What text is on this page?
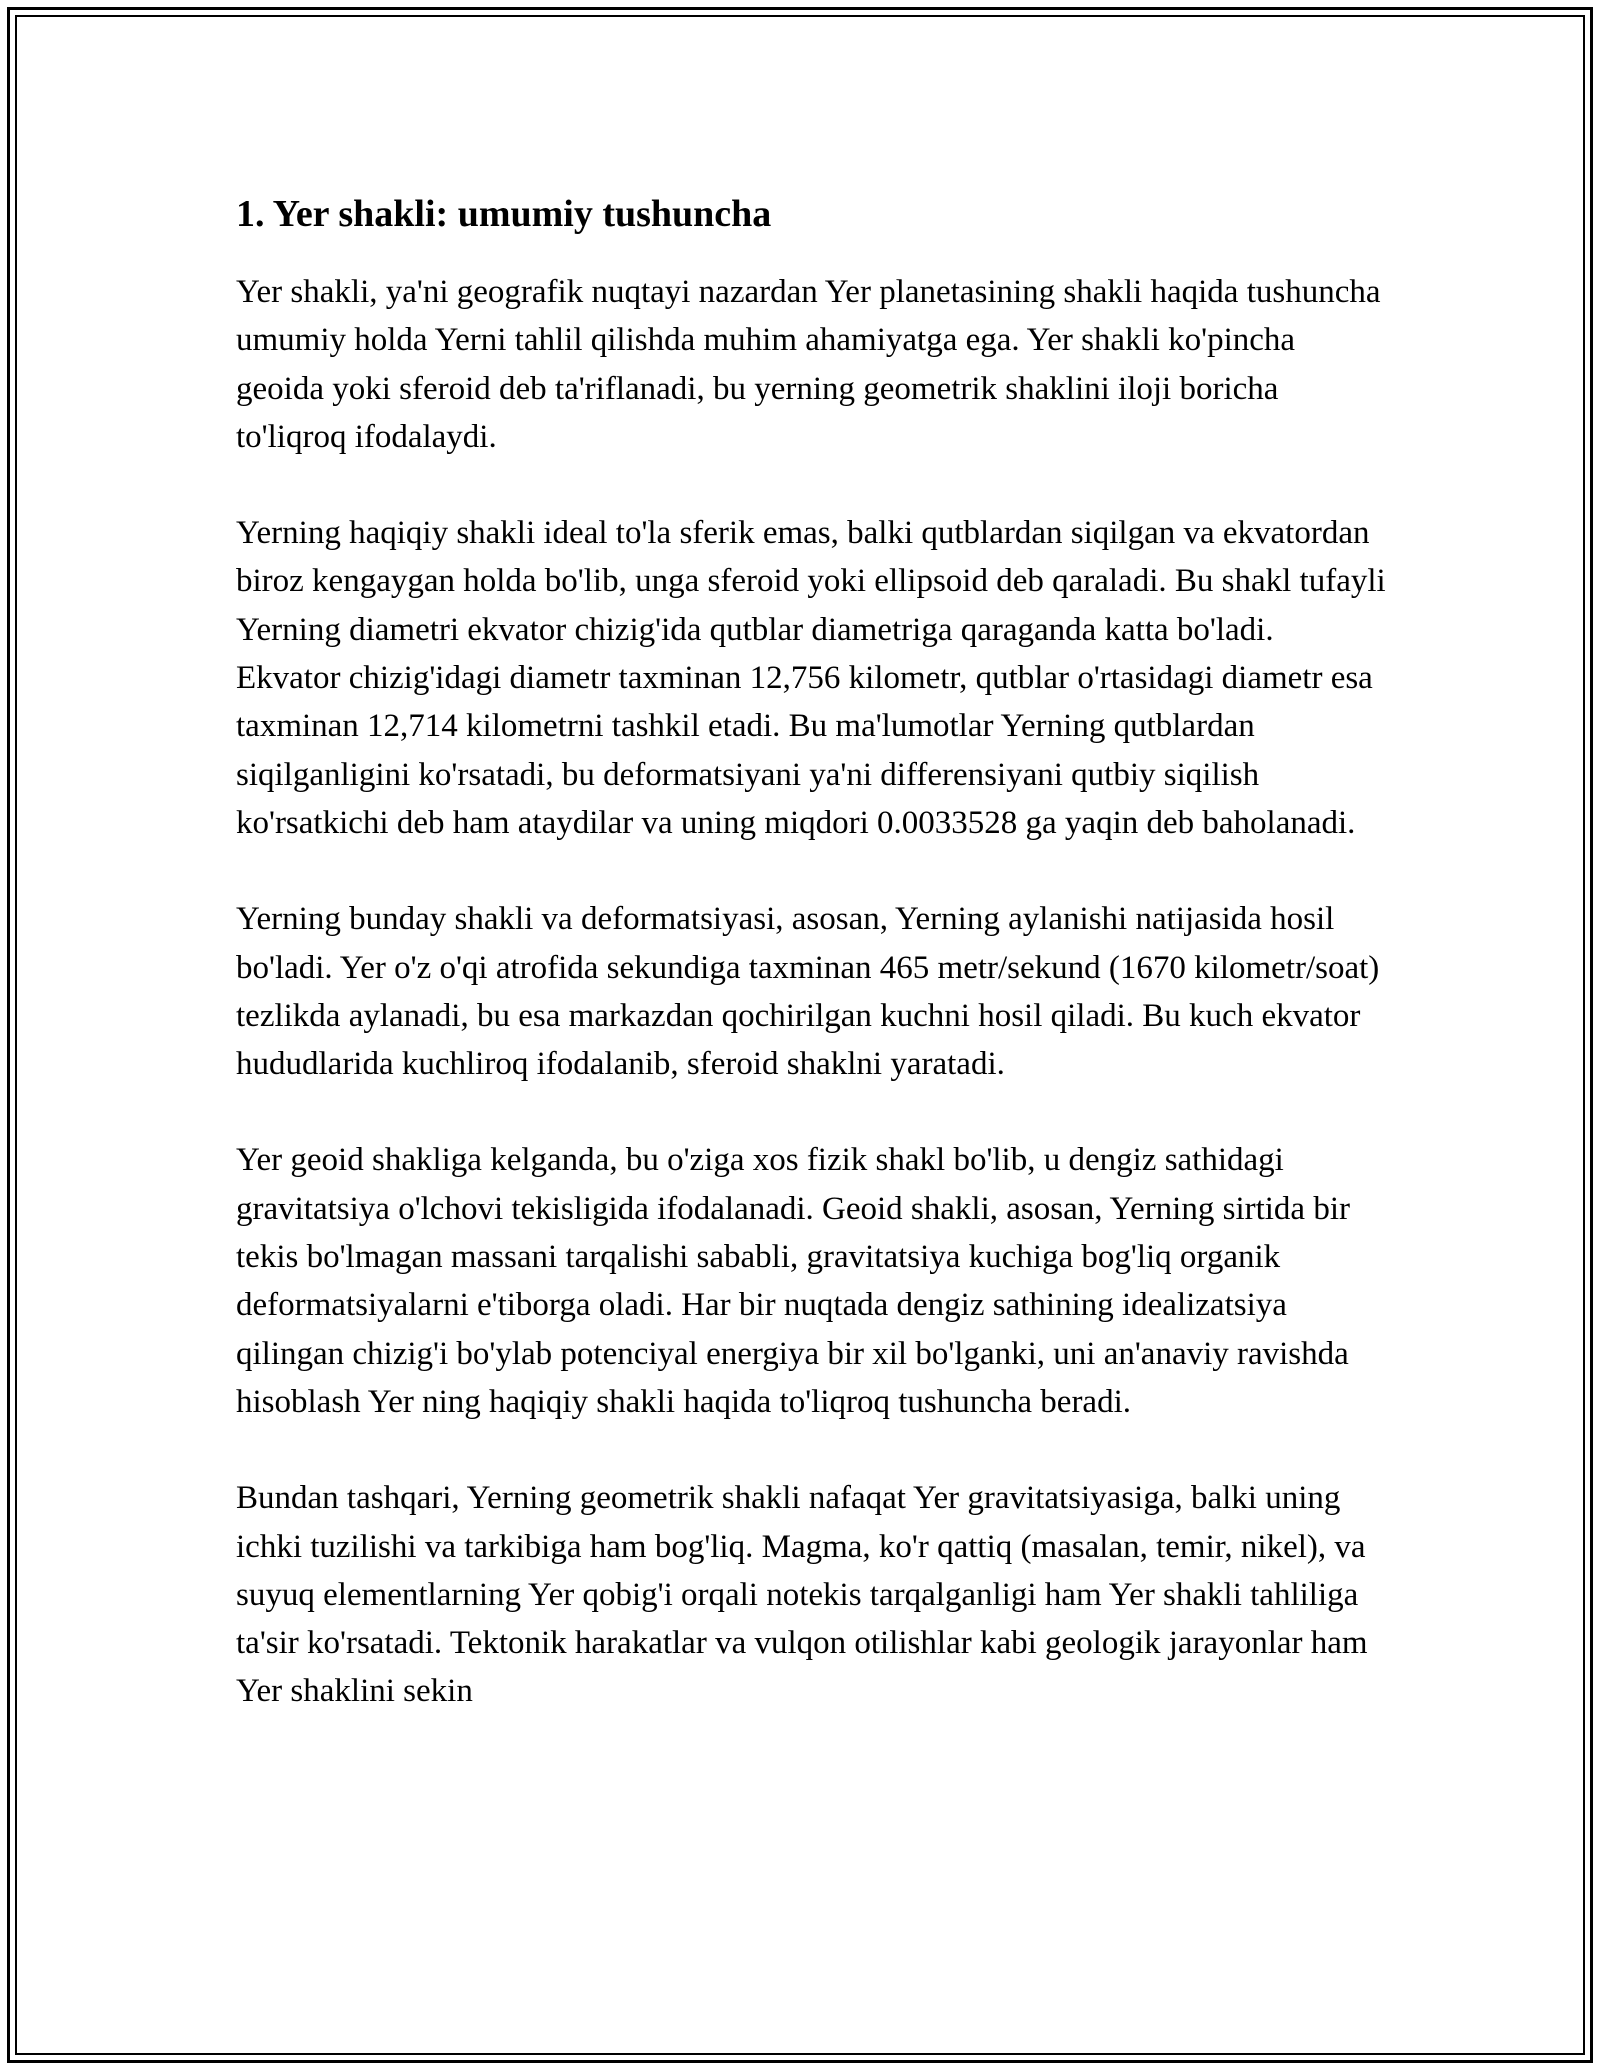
1. Yer shakli: umumiy tushuncha

Yer shakli, ya'ni geografik nuqtayi nazardan Yer planetasining shakli haqida tushuncha umumiy holda Yerni tahlil qilishda muhim ahamiyatga ega. Yer shakli ko'pincha geoida yoki sferoid deb ta'riflanadi, bu yerning geometrik shaklini iloji boricha to'liqroq ifodalaydi.

Yerning haqiqiy shakli ideal to'la sferik emas, balki qutblardan siqilgan va ekvatordan biroz kengaygan holda bo'lib, unga sferoid yoki ellipsoid deb qaraladi. Bu shakl tufayli Yerning diametri ekvator chizig'ida qutblar diametriga qaraganda katta bo'ladi. Ekvator chizig'idagi diametr taxminan 12,756 kilometr, qutblar o'rtasidagi diametr esa taxminan 12,714 kilometrni tashkil etadi. Bu ma'lumotlar Yerning qutblardan siqilganligini ko'rsatadi, bu deformatsiyani ya'ni differensiyani qutbiy siqilish ko'rsatkichi deb ham ataydilar va uning miqdori 0.0033528 ga yaqin deb baholanadi.

Yerning bunday shakli va deformatsiyasi, asosan, Yerning aylanishi natijasida hosil bo'ladi. Yer o'z o'qi atrofida sekundiga taxminan 465 metr/sekund (1670 kilometr/soat) tezlikda aylanadi, bu esa markazdan qochirilgan kuchni hosil qiladi. Bu kuch ekvator hududlarida kuchliroq ifodalanib, sferoid shaklni yaratadi.

Yer geoid shakliga kelganda, bu o'ziga xos fizik shakl bo'lib, u dengiz sathidagi gravitatsiya o'lchovi tekisligida ifodalanadi. Geoid shakli, asosan, Yerning sirtida bir tekis bo'lmagan massani tarqalishi sababli, gravitatsiya kuchiga bog'liq organik deformatsiyalarni e'tiborga oladi. Har bir nuqtada dengiz sathining idealizatsiya qilingan chizig'i bo'ylab potenciyal energiya bir xil bo'lganki, uni an'anaviy ravishda hisoblash Yer ning haqiqiy shakli haqida to'liqroq tushuncha beradi.

Bundan tashqari, Yerning geometrik shakli nafaqat Yer gravitatsiyasiga, balki uning ichki tuzilishi va tarkibiga ham bog'liq. Magma, ko'r qattiq (masalan, temir, nikel), va suyuq elementlarning Yer qobig'i orqali notekis tarqalganligi ham Yer shakli tahliliga ta'sir ko'rsatadi. Tektonik harakatlar va vulqon otilishlar kabi geologik jarayonlar ham Yer shaklini sekin
